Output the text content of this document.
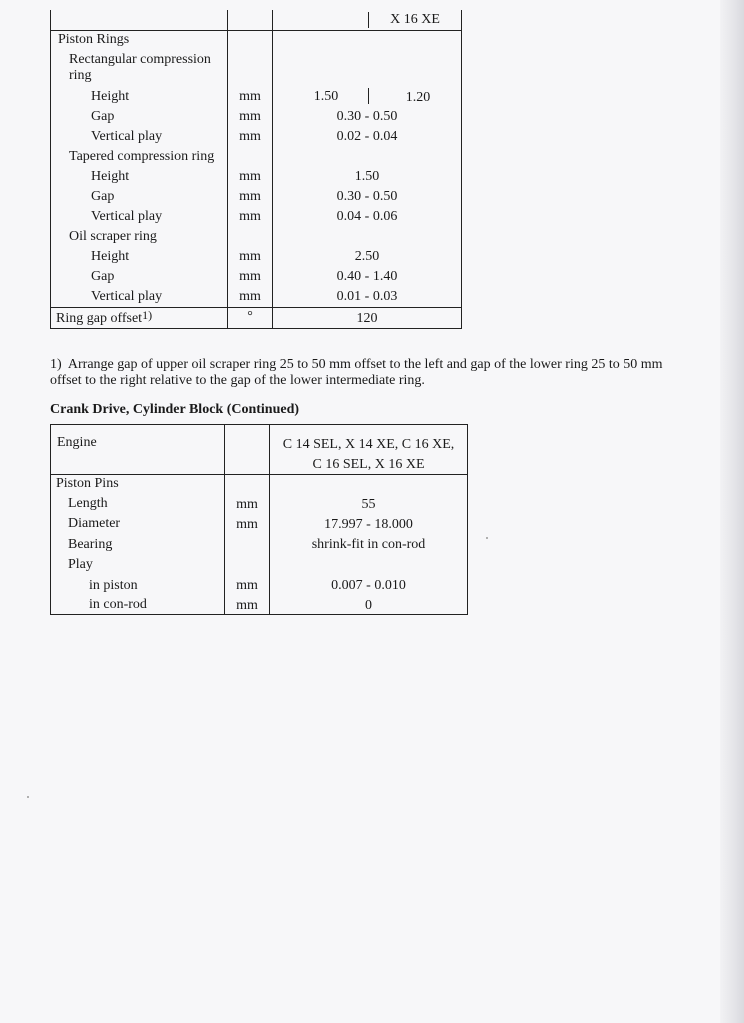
X 16 XE
Piston Rings
Rectangular compression
ring
Height	mm	1.50	1.20
Gap	mm	0.30 - 0.50
Vertical play	mm	0.02 - 0.04
Tapered compression ring
Height	mm	1.50
Gap	mm	0.30 - 0.50
Vertical play	mm	0.04 - 0.06
Oil scraper ring
Height	mm	2.50
Gap	mm	0.40 - 1.40
Vertical play	mm	0.01 - 0.03
Ring gap offset1)	°	120
1) Arrange gap of upper oil scraper ring 25 to 50 mm offset to the left and gap of the lower ring 25 to 50 mm offset to the right relative to the gap of the lower intermediate ring.
Crank Drive, Cylinder Block (Continued)
Engine	C 14 SEL, X 14 XE, C 16 XE,
C 16 SEL, X 16 XE
Piston Pins
Length	mm	55
Diameter	mm	17.997 - 18.000
Bearing	shrink-fit in con-rod
Play
in piston	mm	0.007 - 0.010
in con-rod	mm	0
